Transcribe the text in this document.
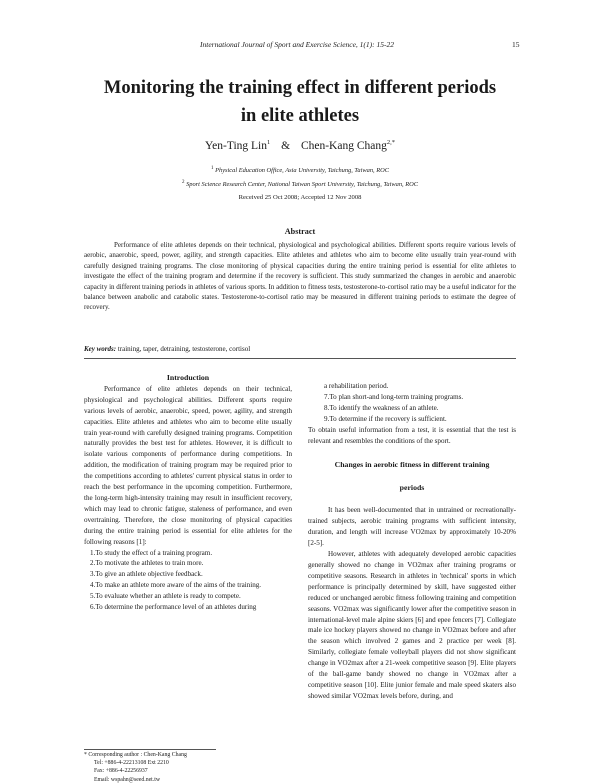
International Journal of Sport and Exercise Science, 1(1): 15-22	15
Monitoring the training effect in different periods
in elite athletes
Yen-Ting Lin$^1$ & Chen-Kang Chang$^{2,*}$
$^1$ Physical Education Office, Asia University, Taichung, Taiwan, ROC
$^2$ Sport Science Research Center, National Taiwan Sport University, Taichung, Taiwan, ROC
Received 25 Oct 2008; Accepted 12 Nov 2008
Abstract
Performance of elite athletes depends on their technical, physiological and psychological abilities. Different sports require various levels of aerobic, anaerobic, speed, power, agility, and strength capacities. Elite athletes and athletes who aim to become elite usually train year-round with carefully designed training programs. The close monitoring of physical capacities during the entire training period is essential for elite athletes to investigate the effect of the training program and determine if the recovery is sufficient. This study summarized the changes in aerobic and anaerobic capacity in different training periods in athletes of various sports. In addition to fitness tests, testosterone-to-cortisol ratio may be a useful indicator for the balance between anabolic and catabolic states. Testosterone-to-cortisol ratio may be measured in different training periods to estimate the degree of recovery.
Key words: training, taper, detraining, testosterone, cortisol

Introduction

Performance of elite athletes depends on their technical, physiological and psychological abilities. Different sports require various levels of aerobic, anaerobic, speed, power, agility, and strength capacities. Elite athletes and athletes who aim to become elite usually train year-round with carefully designed training programs. Competition naturally provides the best test for athletes. However, it is difficult to isolate various components of performance during competitions. In addition, the modification of training program may be required prior to the competitions according to athletes' current physical status in order to reach the best performance in the upcoming competition. Furthermore, the long-term high-intensity training may result in insufficient recovery, which may lead to chronic fatigue, staleness of performance, and even overtraining. Therefore, the close monitoring of physical capacities during the entire training period is essential for elite athletes for the following reasons [1]:

1.To study the effect of a training program.

2.To motivate the athletes to train more.

3.To give an athlete objective feedback.

4.To make an athlete more aware of the aims of the training.

5.To evaluate whether an athlete is ready to compete.

6.To determine the performance level of an athletes during

a rehabilitation period.

7.To plan short-and long-term training programs.

8.To identify the weakness of an athlete.

9.To determine if the recovery is sufficient.

To obtain useful information from a test, it is essential that the test is relevant and resembles the conditions of the sport.

Changes in aerobic fitness in different training
periods

It has been well-documented that in untrained or recreationally-trained subjects, aerobic training programs with sufficient intensity, duration, and length will increase VO2max by approximately 10-20% [2-5].

However, athletes with adequately developed aerobic capacities generally showed no change in VO2max after training programs or competitive seasons. Research in athletes in 'technical' sports in which performance is principally determined by skill, have suggested either reduced or unchanged aerobic fitness following training and competition seasons. VO2max was significantly lower after the competitive season in international-level male alpine skiers [6] and epee fencers [7]. Collegiate male ice hockey players showed no change in VO2max before and after the season which involved 2 games and 2 practice per week [8]. Similarly, collegiate female volleyball players did not show significant change in VO2max after a 21-week competitive season [9]. Elite players of the ball-game bandy showed no change in VO2max after a competitive season [10]. Elite junior female and male speed skaters also showed similar VO2max levels before, during, and

* Corresponding author : Chen-Kang Chang
Tel: +886-4-22213108 Ext 2210
Fax: +886-4-22256937
Email: wspahn@seed.net.tw
